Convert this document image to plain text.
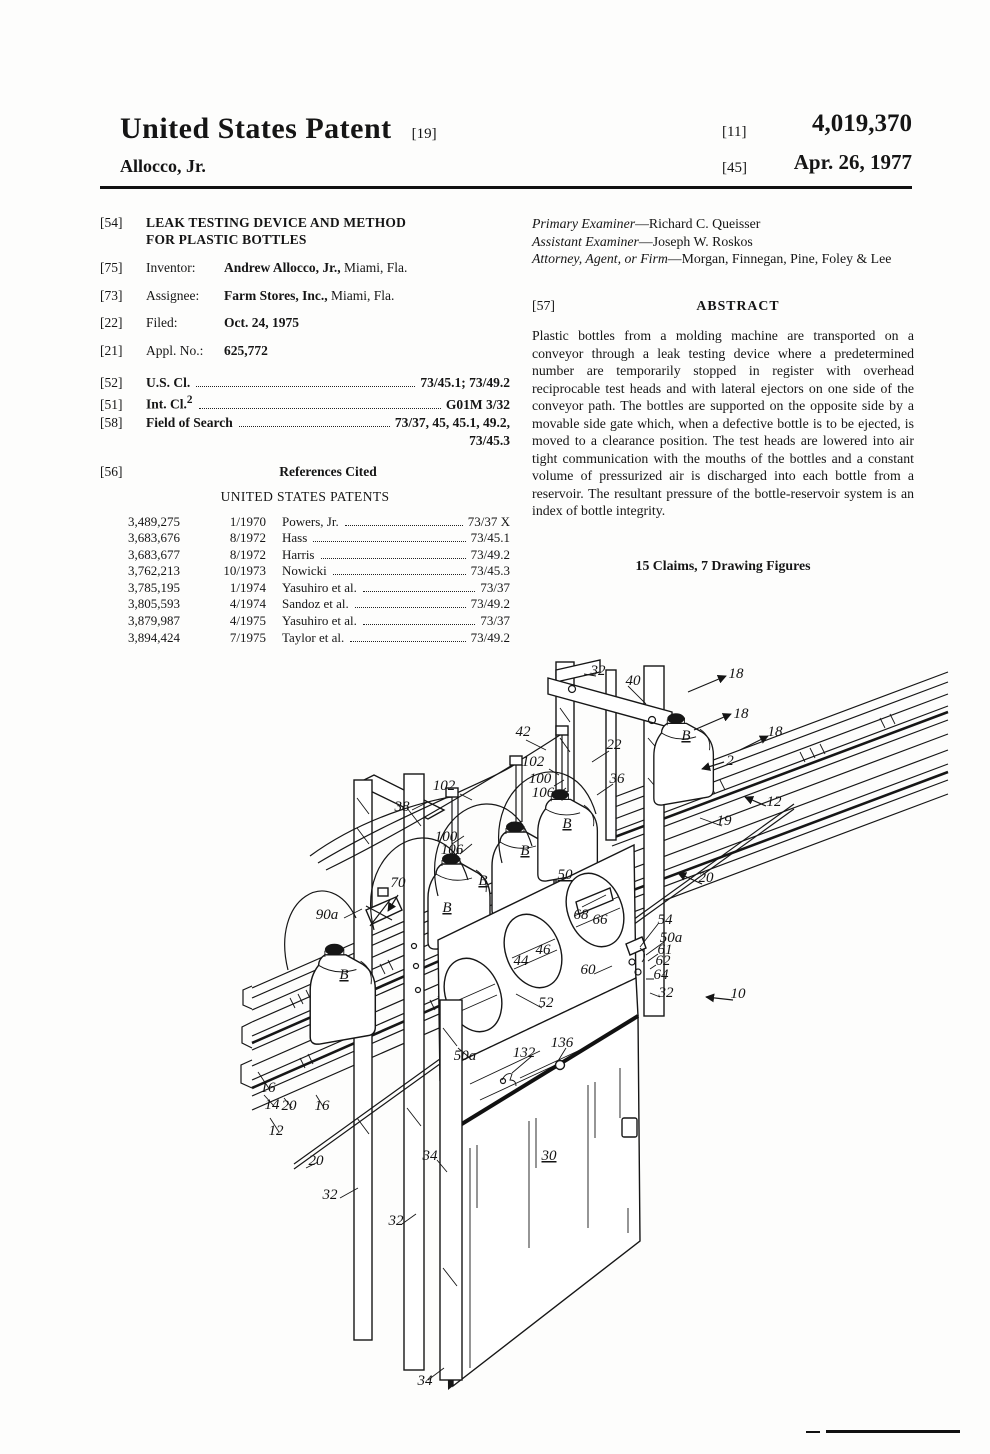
United States Patent [19]
Allocco, Jr.
[11]	4,019,370
[45]	Apr. 26, 1977
[54]	LEAK TESTING DEVICE AND METHOD
FOR PLASTIC BOTTLES
[75]	Inventor:	Andrew Allocco, Jr., Miami, Fla.
[73]	Assignee:	Farm Stores, Inc., Miami, Fla.
[22]	Filed:	Oct. 24, 1975
[21]	Appl. No.:	625,772
[52]	U.S. Cl.	73/45.1; 73/49.2
[51]	Int. Cl.$^2$	G01M 3/32
[58]	Field of Search	73/37, 45, 45.1, 49.2,
73/45.3
[56]	References Cited
UNITED STATES PATENTS
3,489,275	1/1970 Powers, Jr.	73/37 X
3,683,676	8/1972 Hass	73/45.1
3,683,677	8/1972 Harris	73/49.2
3,762,213	10/1973 Nowicki	73/45.3
3,785,195	1/1974 Yasuhiro et al.	73/37
3,805,593	4/1974 Sandoz et al.	73/49.2
3,879,987	4/1975 Yasuhiro et al.	73/37
3,894,424	7/1975 Taylor et al.	73/49.2

Primary Examiner—Richard C. Queisser

Assistant Examiner—Joseph W. Roskos

Attorney, Agent, or Firm—Morgan, Finnegan, Pine, Foley & Lee

[57]	ABSTRACT
Plastic bottles from a molding machine are transported on a conveyor through a leak testing device where a predetermined number are temporarily stopped in register with overhead reciprocable test heads and with lateral ejectors on one side of the conveyor path. The bottles are supported on the opposite side by a movable side gate which, when a defective bottle is to be ejected, is moved to a clearance position. The test heads are lowered into air tight communication with the mouths of the bottles and a constant volume of pressurized air is discharged into each bottle from a reservoir. The resultant pressure of the bottle-reservoir system is an index of bottle integrity.
15 Claims, 7 Drawing Figures
32
40	18
18
18
2
42
22
102
100
106
36
38
102
100
106
12
19
20
B
70
90a
B
B
B
B
B
50
44
46
68 66	54
50a
61
62
64
60
32	10
52
50a 132
136
30
32
32
34
34
16
14 20 16
12
20
